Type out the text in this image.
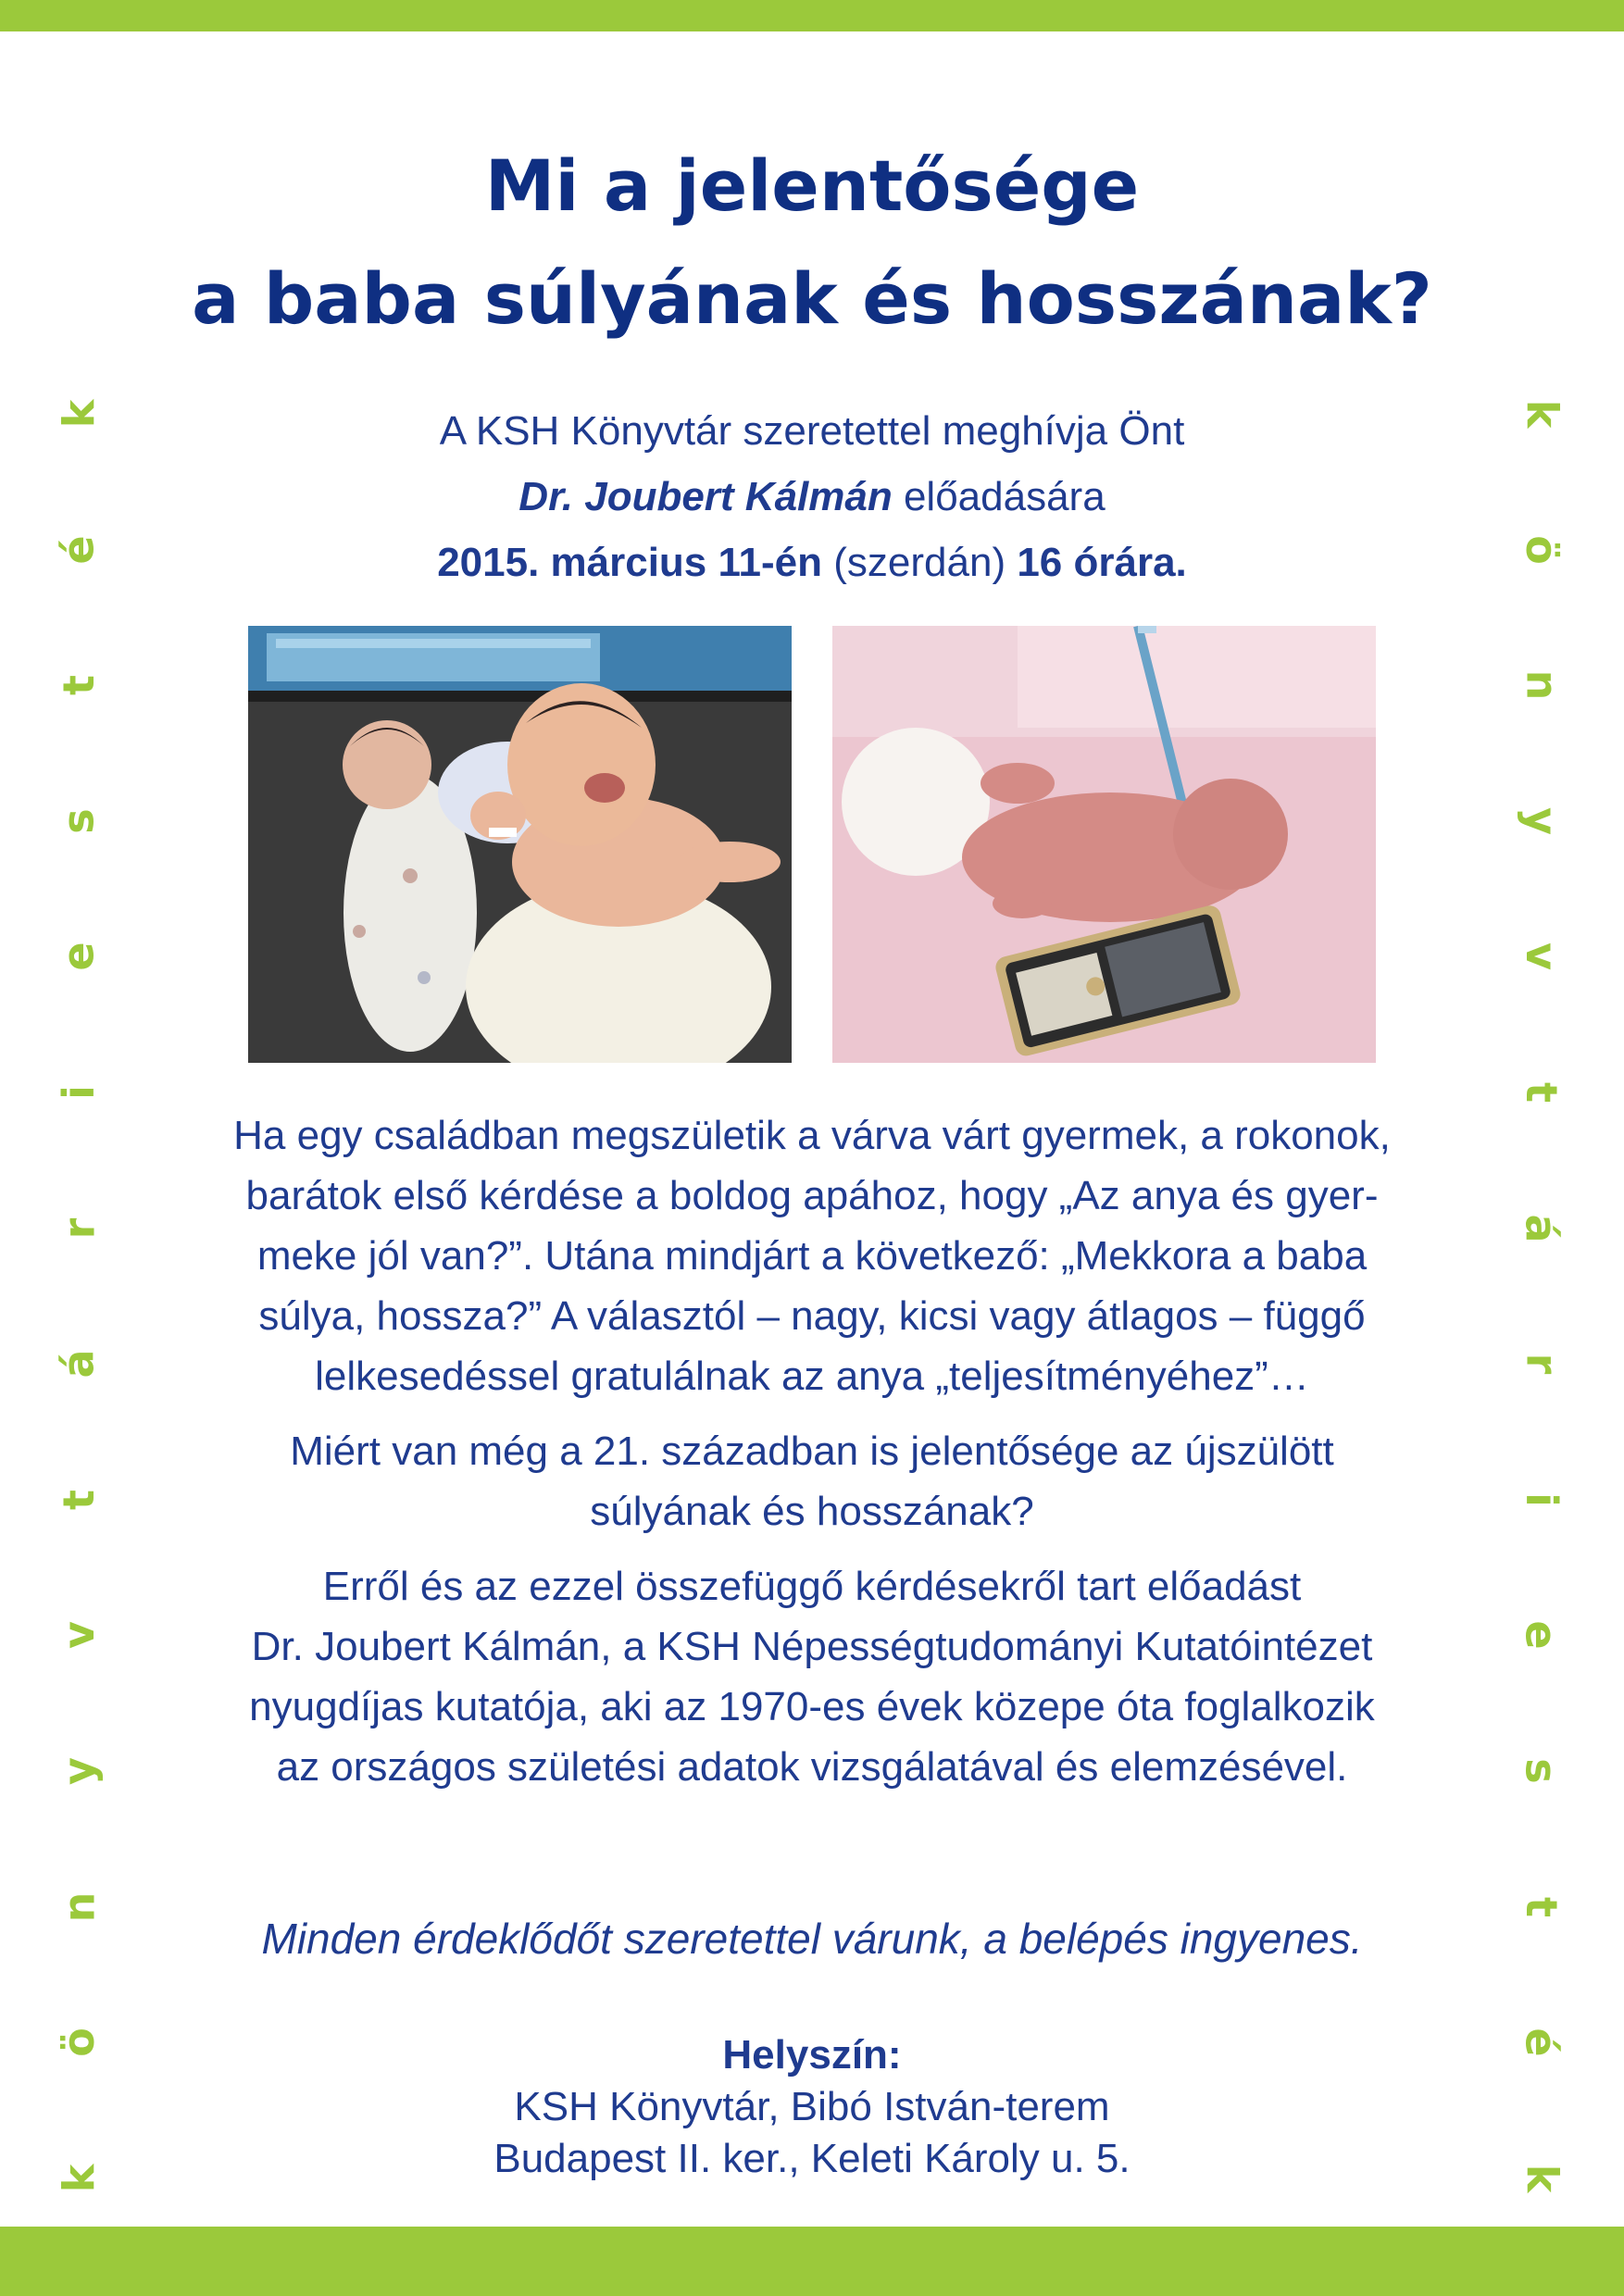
k
é
t
s
e
i
r
á
t
v
y
n
ö
k
k
ö
n
y
v
t
á
r
i
e
s
t
é
k
Mi a jelentősége
a baba súlyának és hosszának?
A KSH Könyvtár szeretettel meghívja Önt
Dr. Joubert Kálmán előadására
2015. március 11-én (szerdán) 16 órára.

Ha egy családban megszületik a várva várt gyermek, a rokonok,
barátok első kérdése a boldog apához, hogy „Az anya és gyer-
meke jól van?”. Utána mindjárt a következő: „Mekkora a baba
súlya, hossza?” A választól – nagy, kicsi vagy átlagos – függő
lelkesedéssel gratulálnak az anya „teljesítményéhez”…

Miért van még a 21. században is jelentősége az újszülött
súlyának és hosszának?

Erről és az ezzel összefüggő kérdésekről tart előadást
Dr. Joubert Kálmán, a KSH Népességtudományi Kutatóintézet
nyugdíjas kutatója, aki az 1970-es évek közepe óta foglalkozik
az országos születési adatok vizsgálatával és elemzésével.

Minden érdeklődőt szeretettel várunk, a belépés ingyenes.
Helyszín:
KSH Könyvtár, Bibó István-terem
Budapest II. ker., Keleti Károly u. 5.
